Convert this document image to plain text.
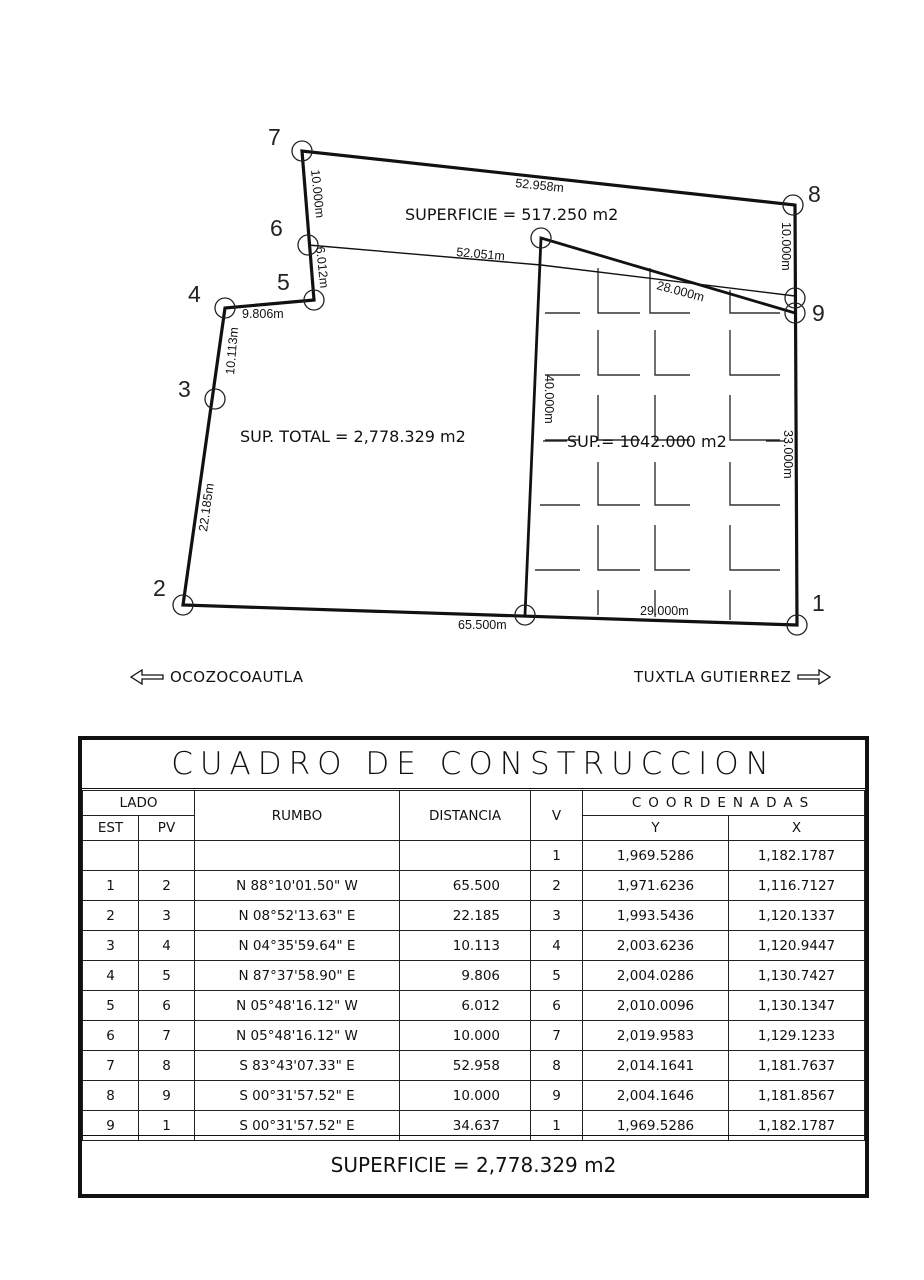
1
2
3
4	5
6
7
8
9
65.500m
22.185m
10.113m
9.806m
6.012m
10.000m	52.958m
10.000m
52.051m
28.000m
40.000m
33.000m
29.000m
SUPERFICIE = 517.250 m2
SUP. TOTAL = 2,778.329 m2	SUP.= 1042.000 m2
OCOZOCOAUTLA	TUXTLA GUTIERREZ
CUADRO DE CONSTRUCCION
LADO		RUMBO	DISTANCIA	V	COORDENADAS	
EST	PV				Y	X
				1	1,969.5286	1,182.1787
1	2	N 88°10'01.50" W	65.500	2	1,971.6236	1,116.7127
2	3	N 08°52'13.63" E	22.185	3	1,993.5436	1,120.1337
3	4	N 04°35'59.64" E	10.113	4	2,003.6236	1,120.9447
4	5	N 87°37'58.90" E	9.806	5	2,004.0286	1,130.7427
5	6	N 05°48'16.12" W	6.012	6	2,010.0096	1,130.1347
6	7	N 05°48'16.12" W	10.000	7	2,019.9583	1,129.1233
7	8	S 83°43'07.33" E	52.958	8	2,014.1641	1,181.7637
8	9	S 00°31'57.52" E	10.000	9	2,004.1646	1,181.8567
9	1	S 00°31'57.52" E	34.637	1	1,969.5286	1,182.1787
SUPERFICIE = 2,778.329 m2
